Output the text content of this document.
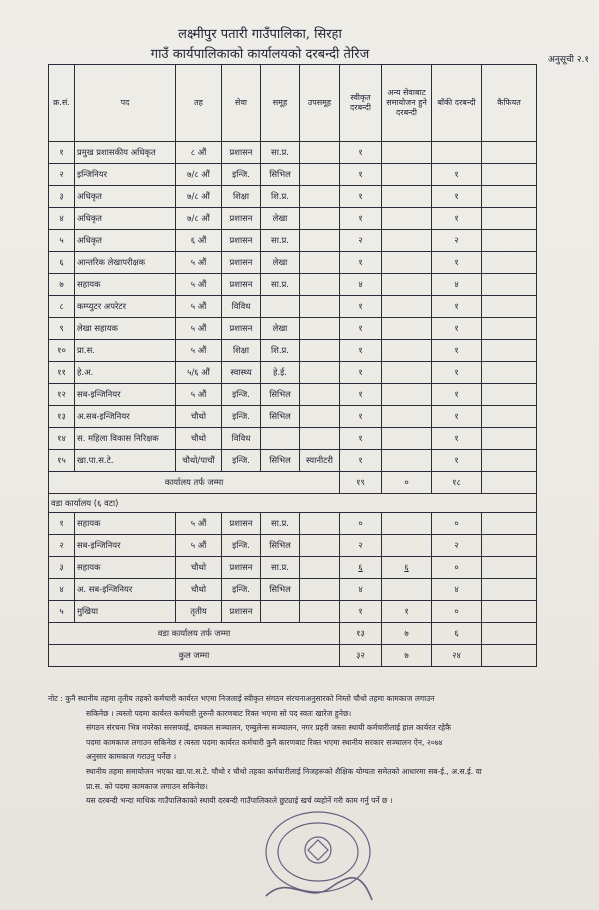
लक्ष्मीपुर पतारी गाउँपालिका, सिरहा
गाउँ कार्यपालिकाको कार्यालयको दरबन्दी तेरिज	अनुसूची २.१
क्र.सं.	पद	तह	सेवा	समूह	उपसमूह	स्वीकृत दरबन्दी	अन्य सेवाबाट समायोजन हुने दरबन्दी	बाँकी दरबन्दी	कैफियत
१	प्रमुख प्रशासकीय अधिकृत	८ औं	प्रशासन	सा.प्र.		१			
२	इन्जिनियर	७/८ औं	इन्जि.	सिभिल		१		१	
३	अधिकृत	७/८ औं	शिक्षा	शि.प्र.		१		१	
४	अधिकृत	७/८ औं	प्रशासन	लेखा		१		१	
५	अधिकृत	६ औं	प्रशासन	सा.प्र.		२		२	
६	आन्तरिक लेखापरीक्षक	५ औं	प्रशासन	लेखा		१		१	
७	सहायक	५ औं	प्रशासन	सा.प्र.		४		४	
८	कम्प्युटर अपरेटर	५ औं	विविध			१		१	
९	लेखा सहायक	५ औं	प्रशासन	लेखा		१		१	
१०	प्रा.स.	५ औं	शिक्षा	शि.प्र.		१		१	
११	हे.अ.	५/६ औं	स्वास्थ्य	हे.ई.		१		१	
१२	सब-इन्जिनियर	५ औं	इन्जि.	सिभिल		१		१	
१३	अ.सब-इन्जिनियर	चौथो	इन्जि.	सिभिल		१		१	
१४	स. महिला विकास निरिक्षक	चौथो	विविध			१		१	
१५	खा.पा.स.टे.	चौथो/पाचौं	इन्जि.	सिभिल	स्यानीटरी	१		१	
कार्यालय तर्फ जम्मा						१९	०	१८	
वडा कार्यालय (६ वटा)									
१	सहायक	५ औं	प्रशासन	सा.प्र.		०		०	
२	सब-इन्जिनियर	५ औं	इन्जि.	सिभिल		२		२	
३	सहायक	चौथो	प्रशासन	सा.प्र.		६	६	०	
४	अ. सब-इन्जिनियर	चौथो	इन्जि.	सिभिल		४		४	
५	मुखिया	तृतीय	प्रशासन			१	१	०	
वडा कार्यालय तर्फ जम्मा						१३	७	६	
कुल जम्मा						३२	७	२४	

नोट : कुनै स्थानीय तहमा तृतीय तहको कर्मचारी कार्यरत भएमा निजलाई स्वीकृत संगठन संरचनाअनुसारको निम्तो चौथो तहमा कामकाज लगाउन

सकिनेछ । त्यस्तो पदमा कार्यरत कर्मचारी तुरुन्तै कारणबाट रिक्त भएमा सो पद स्वतः खारेज हुनेछ।

संगठन संरचना भित्र नपरेका सरसफाई, दमकल सञ्चालन, एम्बुलेन्स सञ्चालन, नगर प्रहरी जस्ता स्थायी कर्मचारीलाई हाल कार्यरत रहेकै

पदमा कामकाज लगाउन सकिनेछ र त्यस्ता पदमा कार्यरत कर्मचारी कुनै कारणबाट रिक्त भएमा स्थानीय सरकार सञ्चालन ऐन, २०७४

अनुसार कामकाज गराउनु पर्नेछ ।

स्थानीय तहमा समायोजन भएका खा.पा.स.टे. चौथो र चौथो तहका कर्मचारीलाई निजहरूको शैक्षिक योग्यता समेतको आधारमा सब-ई., अ.स.ई. वा

प्रा.स. को पदमा कामकाज लगाउन सकिनेछ।

यस दरबन्दी भन्दा माथिक गाउँपालिकाको स्थायी दरबन्दी गाउँपालिकाले छुट्याई खर्च व्यहोर्ने गरी काम गर्नु पर्ने छ ।
